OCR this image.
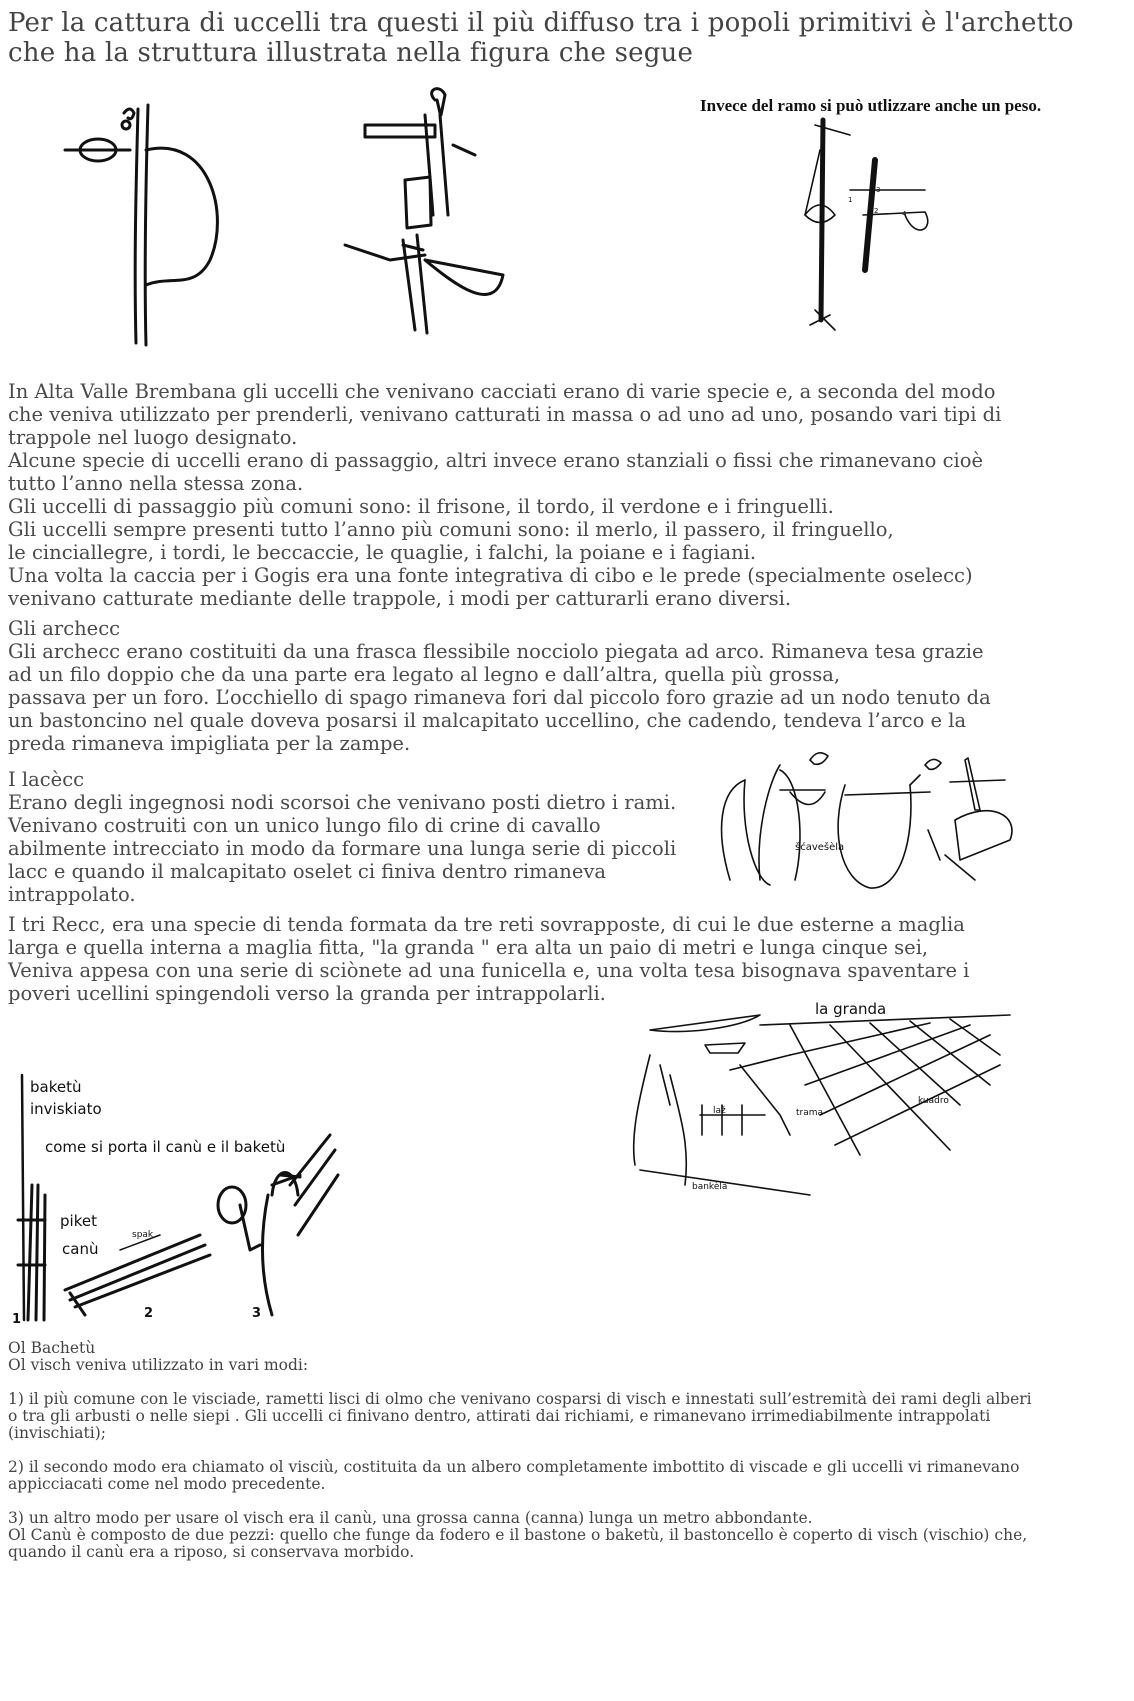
Per la cattura di uccelli tra questi il più diffuso tra i popoli primitivi è l'archetto che ha la struttura illustrata nella figura che segue
Invece del ramo si può utlizzare anche un peso.
1
3
2	4

In Alta Valle Brembana gli uccelli che venivano cacciati erano di varie specie e, a seconda del modo
che veniva utilizzato per prenderli, venivano catturati in massa o ad uno ad uno, posando vari tipi di
trappole nel luogo designato.
Alcune specie di uccelli erano di passaggio, altri invece erano stanziali o fissi che rimanevano cioè
tutto l’anno nella stessa zona.
Gli uccelli di passaggio più comuni sono: il frisone, il tordo, il verdone e i fringuelli.
Gli uccelli sempre presenti tutto l’anno più comuni sono: il merlo, il passero, il fringuello,
le cinciallegre, i tordi, le beccaccie, le quaglie, i falchi, la poiane e i fagiani.
Una volta la caccia per i Gogis era una fonte integrativa di cibo e le prede (specialmente oselecc)
venivano catturate mediante delle trappole, i modi per catturarli erano diversi.

Gli archecc

Gli archecc erano costituiti da una frasca flessibile nocciolo piegata ad arco. Rimaneva tesa grazie
ad un filo doppio che da una parte era legato al legno e dall’altra, quella più grossa,
passava per un foro. L’occhiello di spago rimaneva fori dal piccolo foro grazie ad un nodo tenuto da
un bastoncino nel quale doveva posarsi il malcapitato uccellino, che cadendo, tendeva l’arco e la
preda rimaneva impigliata per la zampe.

I lacècc

Erano degli ingegnosi nodi scorsoi che venivano posti dietro i rami.
Venivano costruiti con un unico lungo filo di crine di cavallo
abilmente intrecciato in modo da formare una lunga serie di piccoli
lacc e quando il malcapitato oselet ci finiva dentro rimaneva
intrappolato.

šćavešèla

I tri Recc, era una specie di tenda formata da tre reti sovrapposte, di cui le due esterne a maglia
larga e quella interna a maglia fitta, "la granda " era alta un paio di metri e lunga cinque sei,
Veniva appesa con una serie di sciònete ad una funicella e, una volta tesa bisognava spaventare i
poveri ucellini spingendoli verso la granda per intrappolarli.

la granda
laž	trama
kuadro
bankèla
baketù
inviskiato
come si porta il canù e il baketù
piket
canù
spak
1	2	3

Ol Bachetù

Ol visch veniva utilizzato in vari modi:

1) il più comune con le visciade, rametti lisci di olmo che venivano cosparsi di visch e innestati sull’estremità dei rami degli alberi
o tra gli arbusti o nelle siepi . Gli uccelli ci finivano dentro, attirati dai richiami, e rimanevano irrimediabilmente intrappolati
(invischiati);

2) il secondo modo era chiamato ol visciù, costituita da un albero completamente imbottito di viscade e gli uccelli vi rimanevano
appicciacati come nel modo precedente.

3) un altro modo per usare ol visch era il canù, una grossa canna (canna) lunga un metro abbondante.
Ol Canù è composto de due pezzi: quello che funge da fodero e il bastone o baketù, il bastoncello è coperto di visch (vischio) che,
quando il canù era a riposo, si conservava morbido.
